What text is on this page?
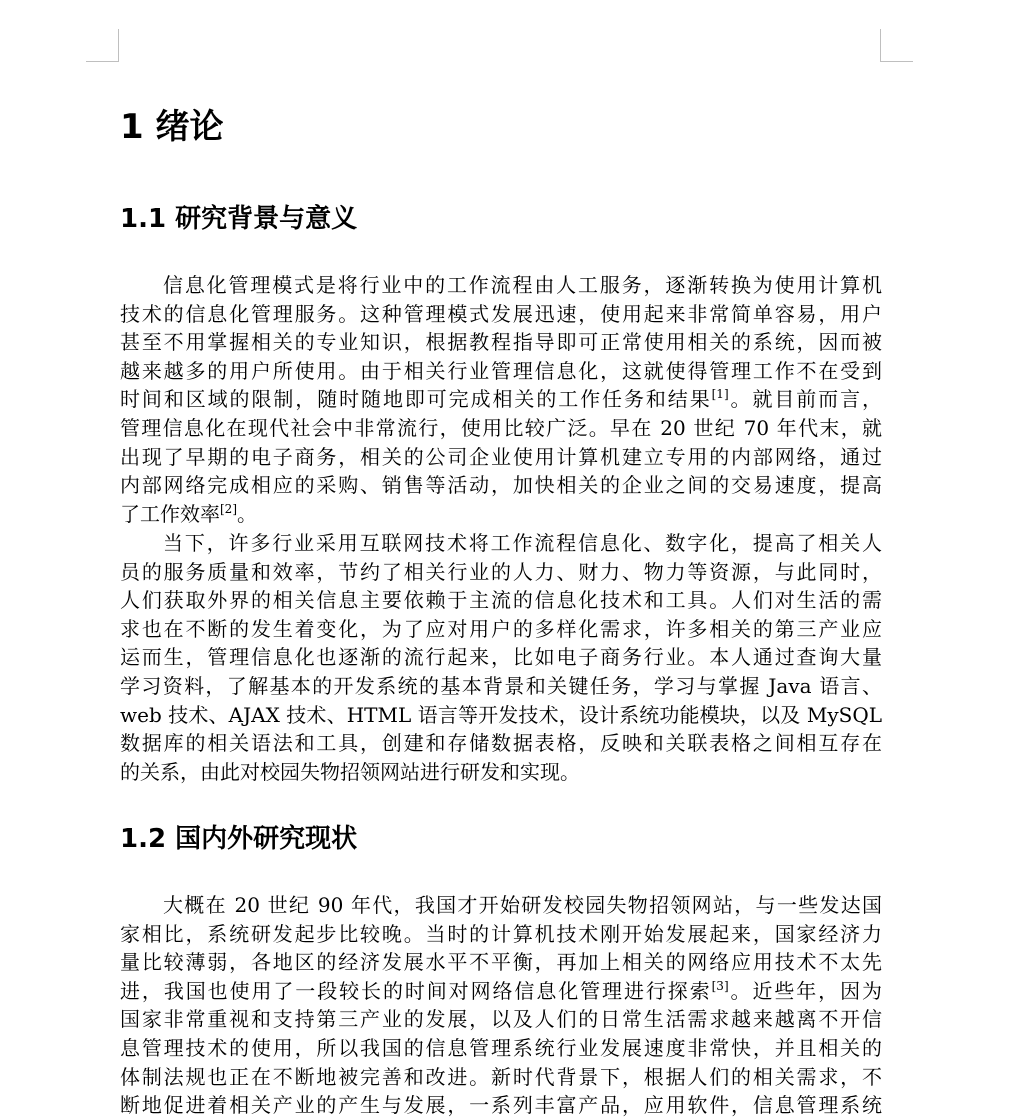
1 绪论
1.1 研究背景与意义
信息化管理模式是将行业中的工作流程由人工服务，逐渐转换为使用计算机
技术的信息化管理服务。这种管理模式发展迅速，使用起来非常简单容易，用户
甚至不用掌握相关的专业知识，根据教程指导即可正常使用相关的系统，因而被
越来越多的用户所使用。由于相关行业管理信息化，这就使得管理工作不在受到
时间和区域的限制，随时随地即可完成相关的工作任务和结果[1]。就目前而言，
管理信息化在现代社会中非常流行，使用比较广泛。早在 20 世纪 70 年代末，就
出现了早期的电子商务，相关的公司企业使用计算机建立专用的内部网络，通过
内部网络完成相应的采购、销售等活动，加快相关的企业之间的交易速度，提高
了工作效率[2]。
当下，许多行业采用互联网技术将工作流程信息化、数字化，提高了相关人
员的服务质量和效率，节约了相关行业的人力、财力、物力等资源，与此同时，
人们获取外界的相关信息主要依赖于主流的信息化技术和工具。人们对生活的需
求也在不断的发生着变化，为了应对用户的多样化需求，许多相关的第三产业应
运而生，管理信息化也逐渐的流行起来，比如电子商务行业。本人通过查询大量
学习资料，了解基本的开发系统的基本背景和关键任务，学习与掌握 Java 语言、
web 技术、AJAX 技术、HTML 语言等开发技术，设计系统功能模块，以及 MySQL
数据库的相关语法和工具，创建和存储数据表格，反映和关联表格之间相互存在
的关系，由此对校园失物招领网站进行研发和实现。
1.2 国内外研究现状
大概在 20 世纪 90 年代，我国才开始研发校园失物招领网站，与一些发达国
家相比，系统研发起步比较晚。当时的计算机技术刚开始发展起来，国家经济力
量比较薄弱，各地区的经济发展水平不平衡，再加上相关的网络应用技术不太先
进，我国也使用了一段较长的时间对网络信息化管理进行探索[3]。近些年，因为
国家非常重视和支持第三产业的发展，以及人们的日常生活需求越来越离不开信
息管理技术的使用，所以我国的信息管理系统行业发展速度非常快，并且相关的
体制法规也正在不断地被完善和改进。新时代背景下，根据人们的相关需求，不
断地促进着相关产业的产生与发展，一系列丰富产品，应用软件，信息管理系统
